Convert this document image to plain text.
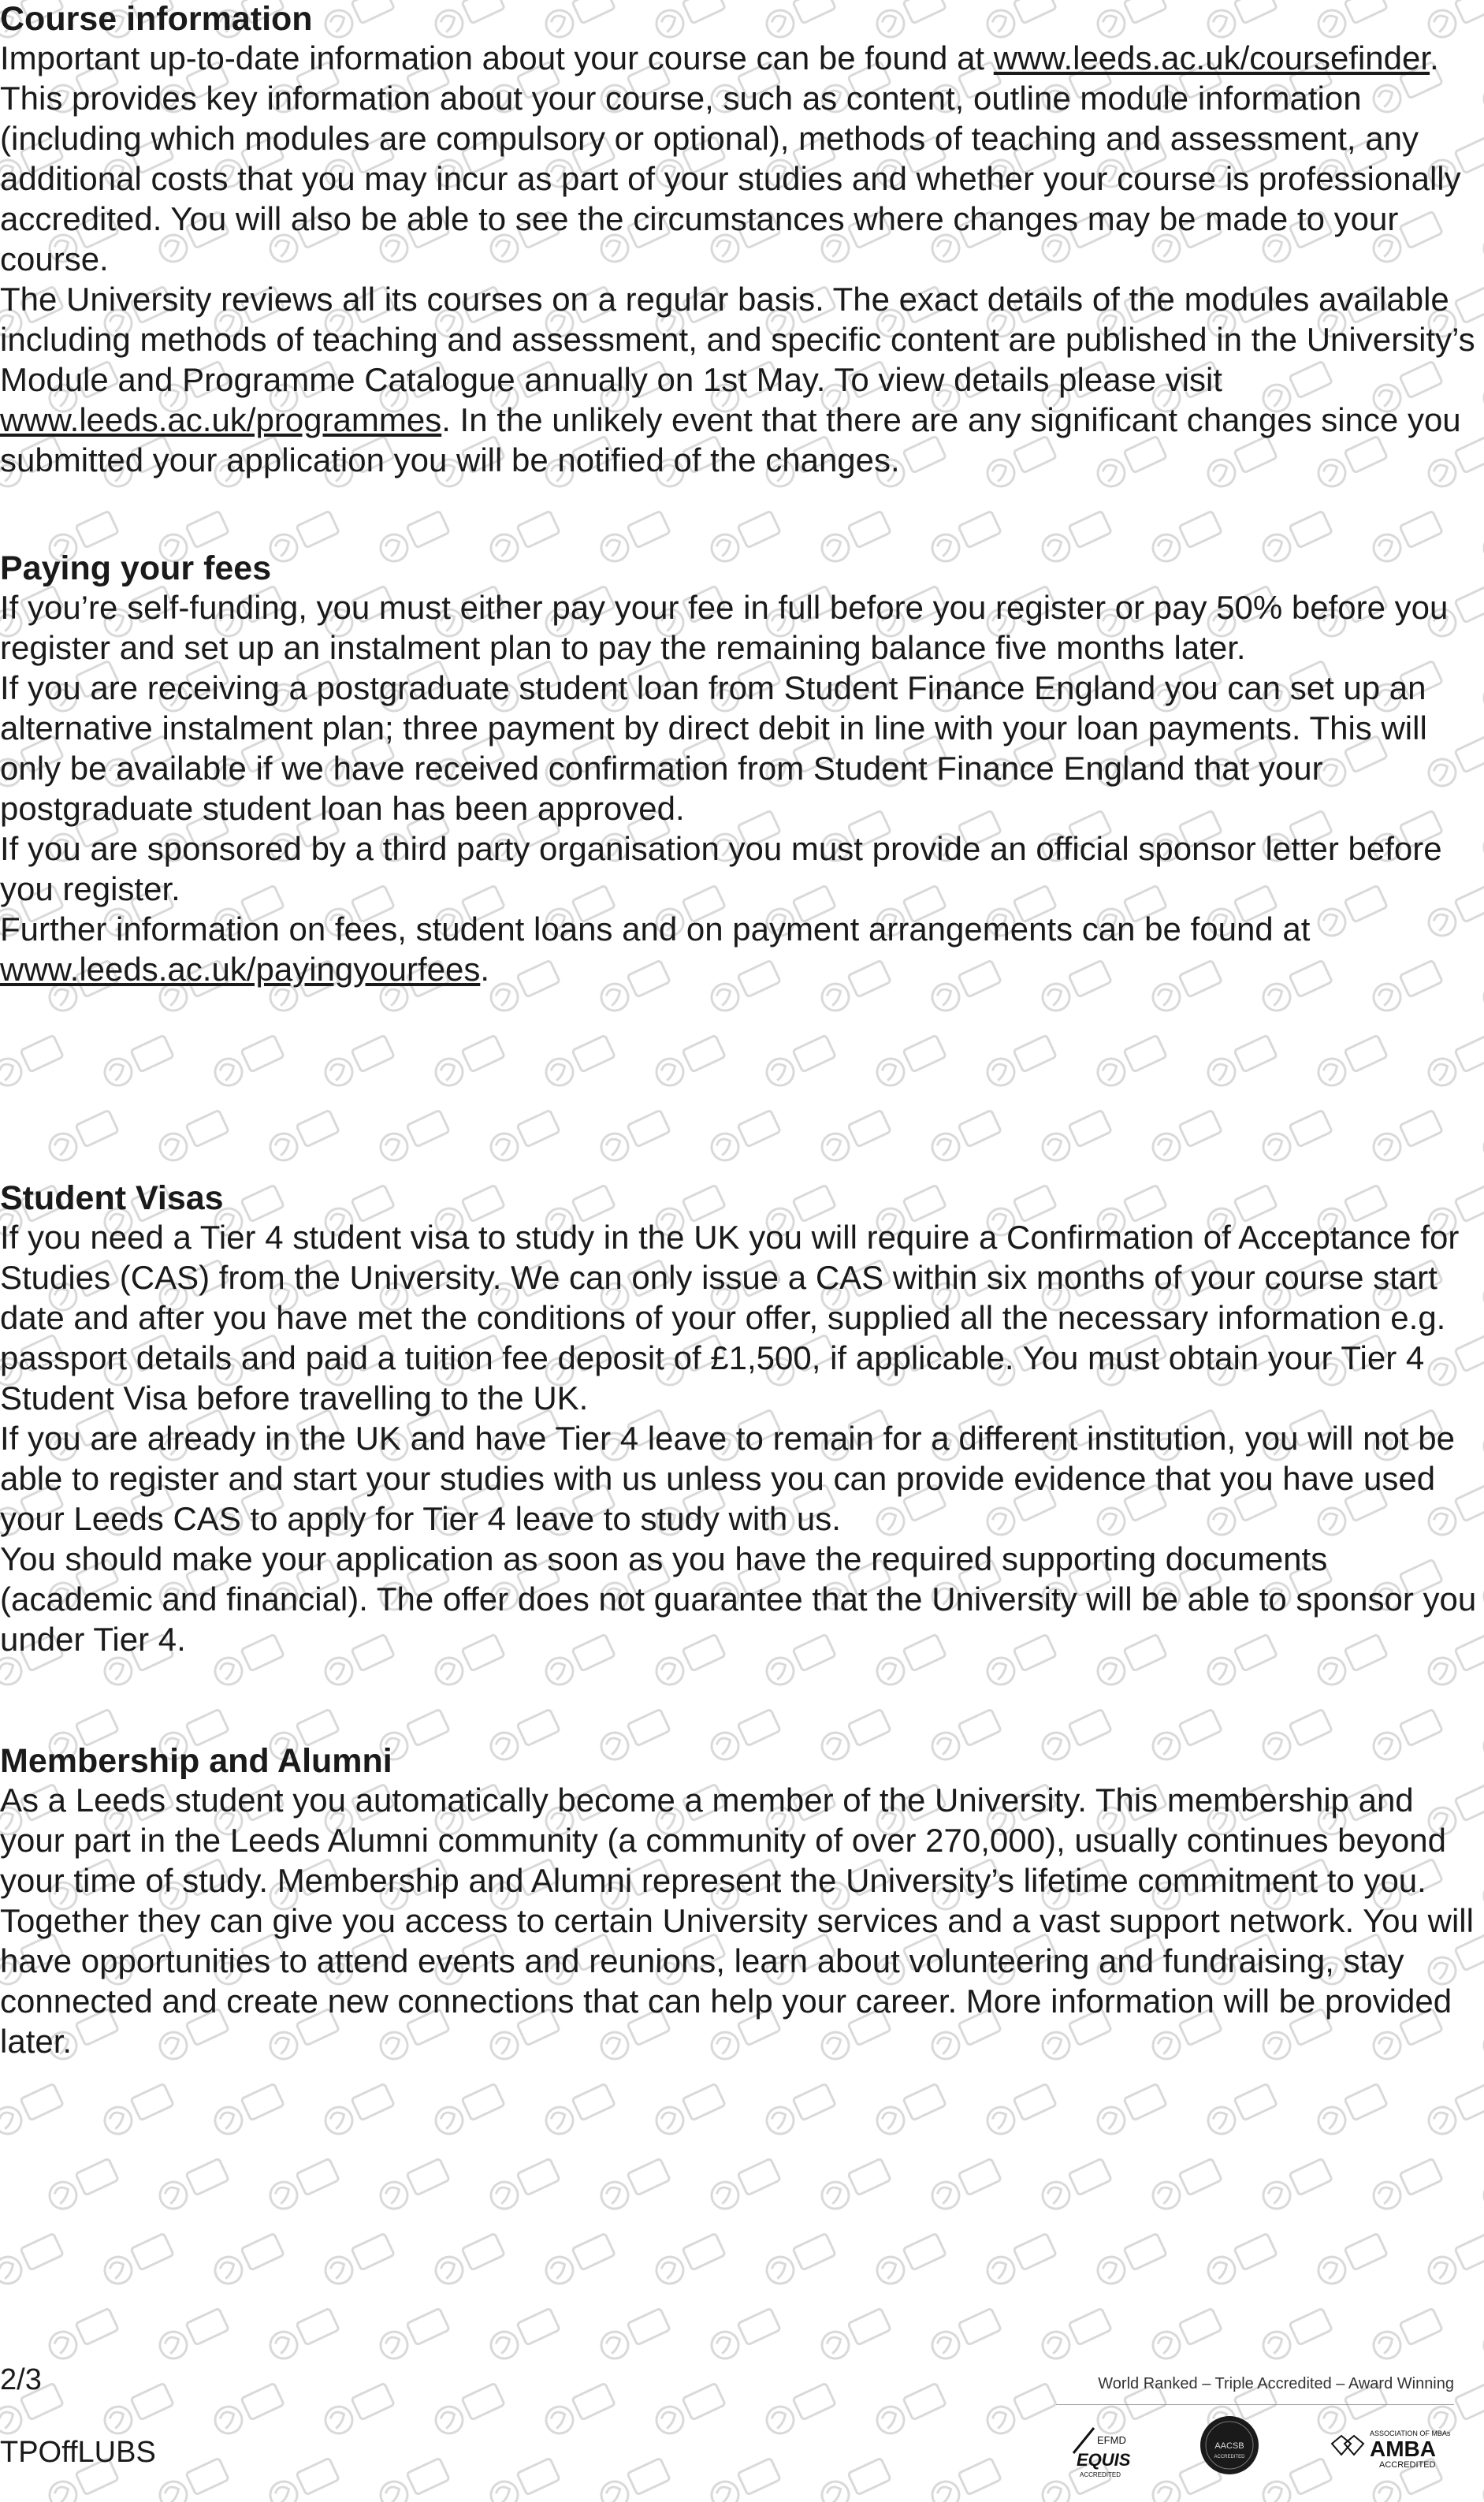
Course information

Important up-to-date information about your course can be found at www.leeds.ac.uk/coursefinder. This provides key information about your course, such as content, outline module information (including which modules are compulsory or optional), methods of teaching and assessment, any additional costs that you may incur as part of your studies and whether your course is professionally accredited. You will also be able to see the circumstances where changes may be made to your course.

The University reviews all its courses on a regular basis. The exact details of the modules available including methods of teaching and assessment, and specific content are published in the University’s Module and Programme Catalogue annually on 1st May. To view details please visit www.leeds.ac.uk/programmes. In the unlikely event that there are any significant changes since you submitted your application you will be notified of the changes.

Paying your fees

If you’re self-funding, you must either pay your fee in full before you register or pay 50% before you register and set up an instalment plan to pay the remaining balance five months later.

If you are receiving a postgraduate student loan from Student Finance England you can set up an alternative instalment plan; three payment by direct debit in line with your loan payments. This will only be available if we have received confirmation from Student Finance England that your postgraduate student loan has been approved.

If you are sponsored by a third party organisation you must provide an official sponsor letter before you register.

Further information on fees, student loans and on payment arrangements can be found at www.leeds.ac.uk/payingyourfees.

Student Visas

If you need a Tier 4 student visa to study in the UK you will require a Confirmation of Acceptance for Studies (CAS) from the University. We can only issue a CAS within six months of your course start date and after you have met the conditions of your offer, supplied all the necessary information e.g. passport details and paid a tuition fee deposit of £1,500, if applicable. You must obtain your Tier 4 Student Visa before travelling to the UK.

If you are already in the UK and have Tier 4 leave to remain for a different institution, you will not be able to register and start your studies with us unless you can provide evidence that you have used your Leeds CAS to apply for Tier 4 leave to study with us.

You should make your application as soon as you have the required supporting documents (academic and financial). The offer does not guarantee that the University will be able to sponsor you under Tier 4.

Membership and Alumni

As a Leeds student you automatically become a member of the University. This membership and your part in the Leeds Alumni community (a community of over 270,000), usually continues beyond your time of study. Membership and Alumni represent the University’s lifetime commitment to you. Together they can give you access to certain University services and a vast support network. You will have opportunities to attend events and reunions, learn about volunteering and fundraising, stay connected and create new connections that can help your career. More information will be provided later.

2/3
TPOffLUBS
World Ranked – Triple Accredited – Award Winning
EFMD
EQUIS
ACCREDITED
AACSB
ACCREDITED
ASSOCIATION OF MBAs
AMBA
ACCREDITED
